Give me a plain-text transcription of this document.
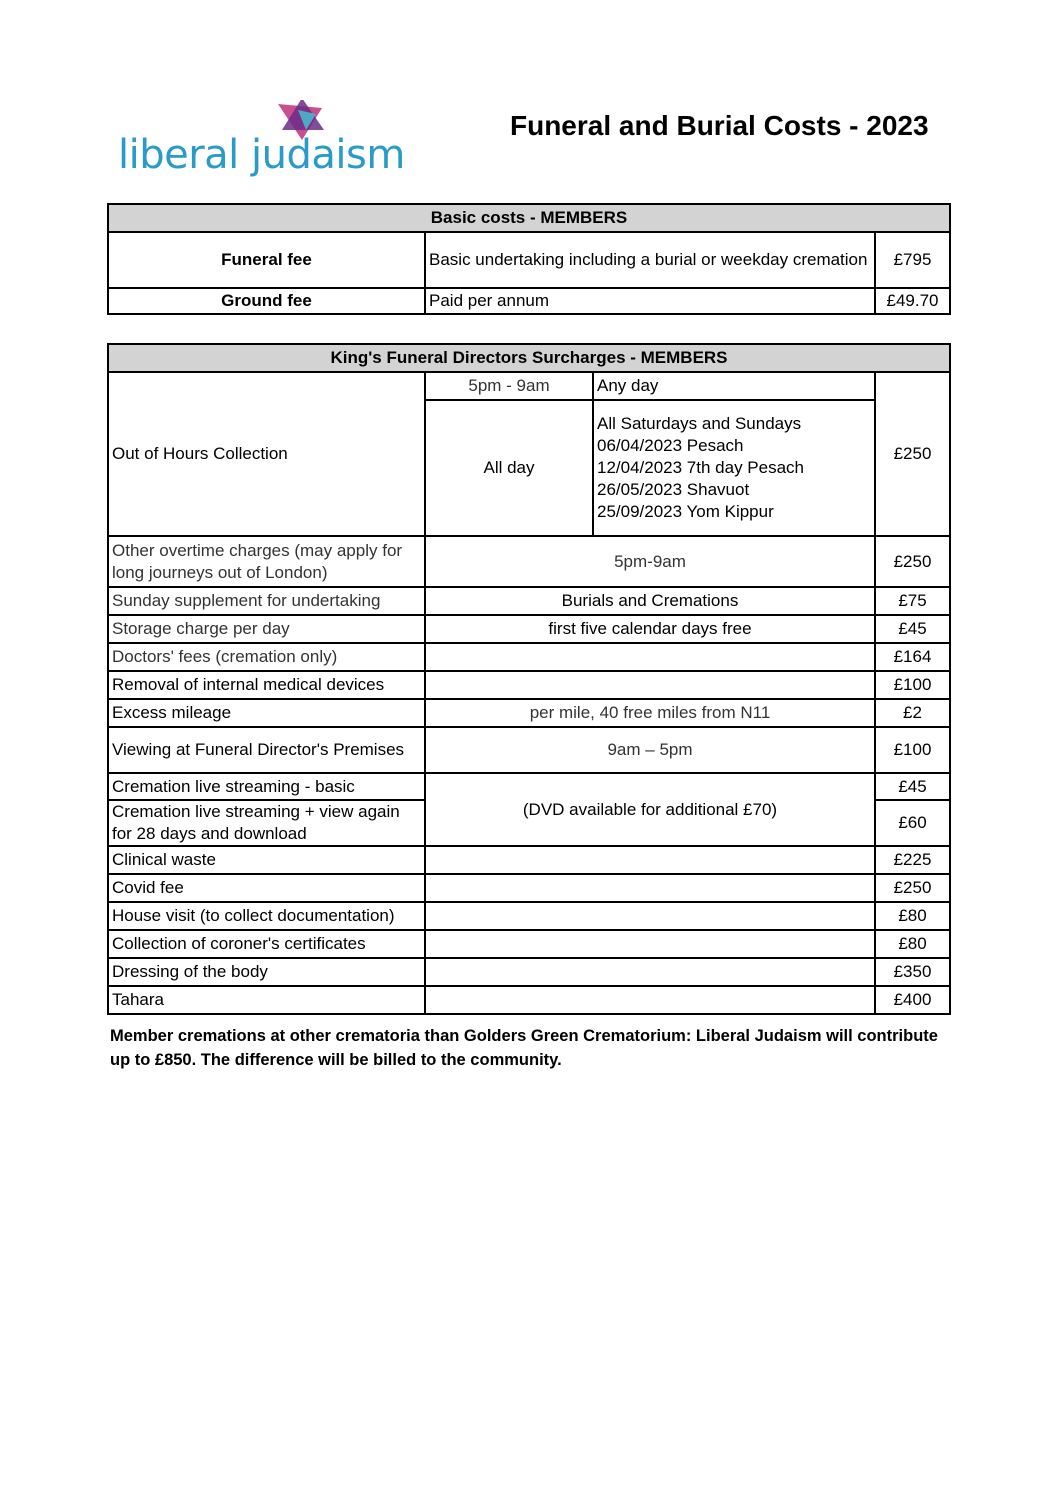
liberal judaism
Funeral and Burial Costs - 2023
Basic costs - MEMBERS		
Funeral fee	Basic undertaking including a burial or weekday cremation	£795
Ground fee	Paid per annum	£49.70
King's Funeral Directors Surcharges - MEMBERS			
Out of Hours Collection	5pm - 9am	Any day	£250
	All day	All Saturdays and Sundays
06/04/2023 Pesach
12/04/2023 7th day Pesach
26/05/2023 Shavuot
25/09/2023 Yom Kippur	

Other overtime charges (may apply for long journeys out of London)	5pm-9am		£250
Sunday supplement for undertaking	Burials and Cremations		£75
Storage charge per day	first five calendar days free		£45
Doctors' fees (cremation only)			£164
Removal of internal medical devices			£100
Excess mileage	per mile, 40 free miles from N11		£2
Viewing at Funeral Director's Premises	9am – 5pm		£100
Cremation live streaming - basic	(DVD available for additional £70)		£45
Cremation live streaming + view again for 28 days and download			£60
Clinical waste			£225
Covid fee			£250
House visit (to collect documentation)			£80
Collection of coroner's certificates			£80
Dressing of the body			£350
Tahara			£400
Member cremations at other crematoria than Golders Green Crematorium: Liberal Judaism will contribute up to £850. The difference will be billed to the community.
